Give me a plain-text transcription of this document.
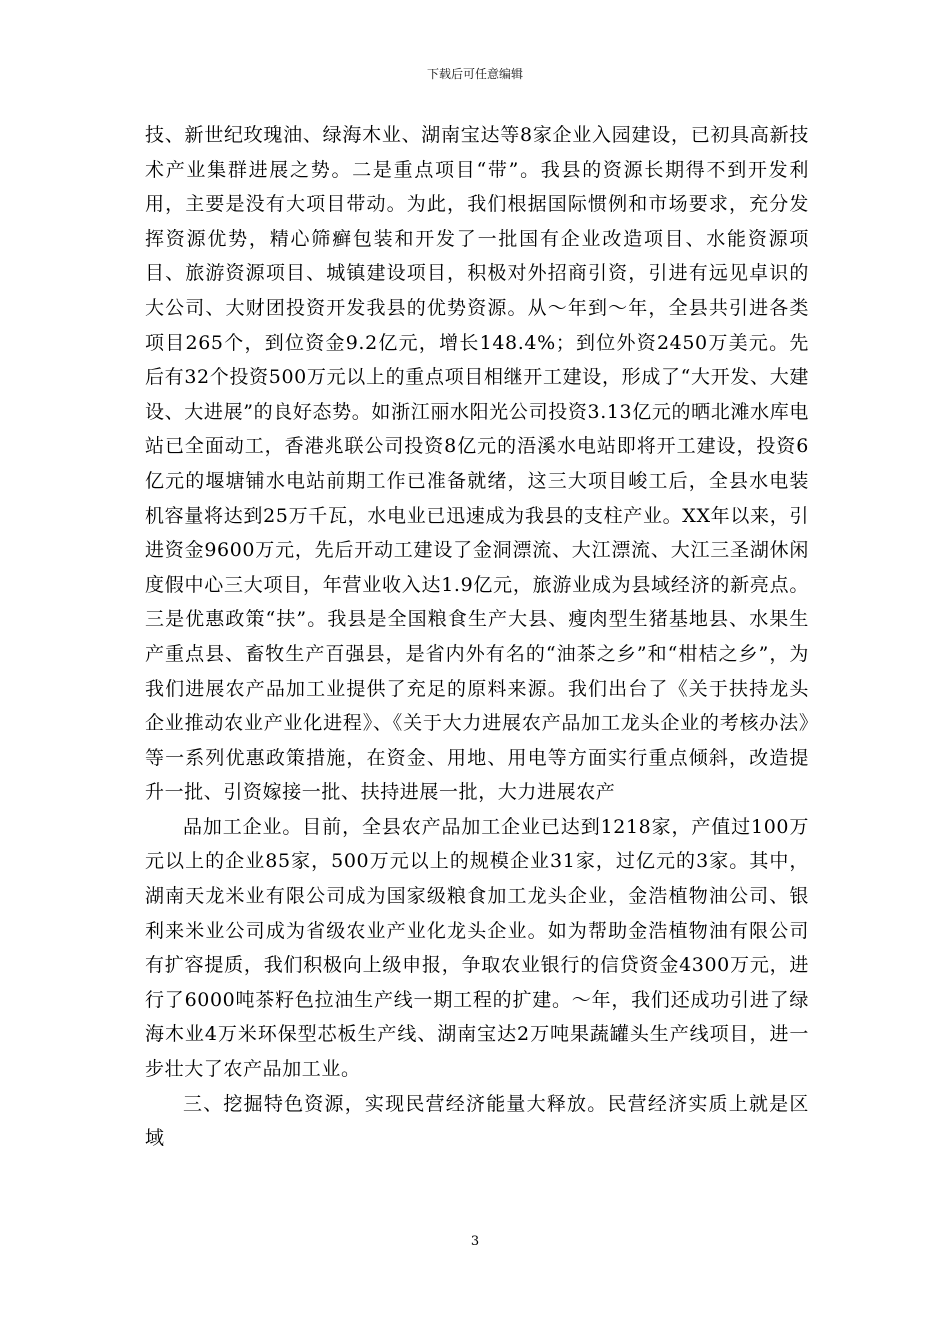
下载后可任意编辑

技、新世纪玫瑰油、绿海木业、湖南宝达等8家企业入园建设，已初具高新技术产业集群进展之势。二是重点项目“带”。我县的资源长期得不到开发利用，主要是没有大项目带动。为此，我们根据国际惯例和市场要求，充分发挥资源优势，精心筛癣包装和开发了一批国有企业改造项目、水能资源项目、旅游资源项目、城镇建设项目，积极对外招商引资，引进有远见卓识的大公司、大财团投资开发我县的优势资源。从～年到～年，全县共引进各类项目265个，到位资金9.2亿元，增长148.4%；到位外资2450万美元。先后有32个投资500万元以上的重点项目相继开工建设，形成了“大开发、大建设、大进展”的良好态势。如浙江丽水阳光公司投资3.13亿元的晒北滩水库电站已全面动工，香港兆联公司投资8亿元的浯溪水电站即将开工建设，投资6亿元的堰塘铺水电站前期工作已准备就绪，这三大项目峻工后，全县水电装机容量将达到25万千瓦，水电业已迅速成为我县的支柱产业。XX年以来，引进资金9600万元，先后开动工建设了金洞漂流、大江漂流、大江三圣湖休闲度假中心三大项目，年营业收入达1.9亿元，旅游业成为县域经济的新亮点。三是优惠政策“扶”。我县是全国粮食生产大县、瘦肉型生猪基地县、水果生产重点县、畜牧生产百强县，是省内外有名的“油茶之乡”和“柑桔之乡”，为我们进展农产品加工业提供了充足的原料来源。我们出台了《关于扶持龙头企业推动农业产业化进程》、《关于大力进展农产品加工龙头企业的考核办法》等一系列优惠政策措施，在资金、用地、用电等方面实行重点倾斜，改造提升一批、引资嫁接一批、扶持进展一批，大力进展农产

品加工企业。目前，全县农产品加工企业已达到1218家，产值过100万元以上的企业85家，500万元以上的规模企业31家，过亿元的3家。其中，湖南天龙米业有限公司成为国家级粮食加工龙头企业，金浩植物油公司、银利来米业公司成为省级农业产业化龙头企业。如为帮助金浩植物油有限公司有扩容提质，我们积极向上级申报，争取农业银行的信贷资金4300万元，进行了6000吨茶籽色拉油生产线一期工程的扩建。～年，我们还成功引进了绿海木业4万米环保型芯板生产线、湖南宝达2万吨果蔬罐头生产线项目，进一步壮大了农产品加工业。

三、挖掘特色资源，实现民营经济能量大释放。民营经济实质上就是区域

3
